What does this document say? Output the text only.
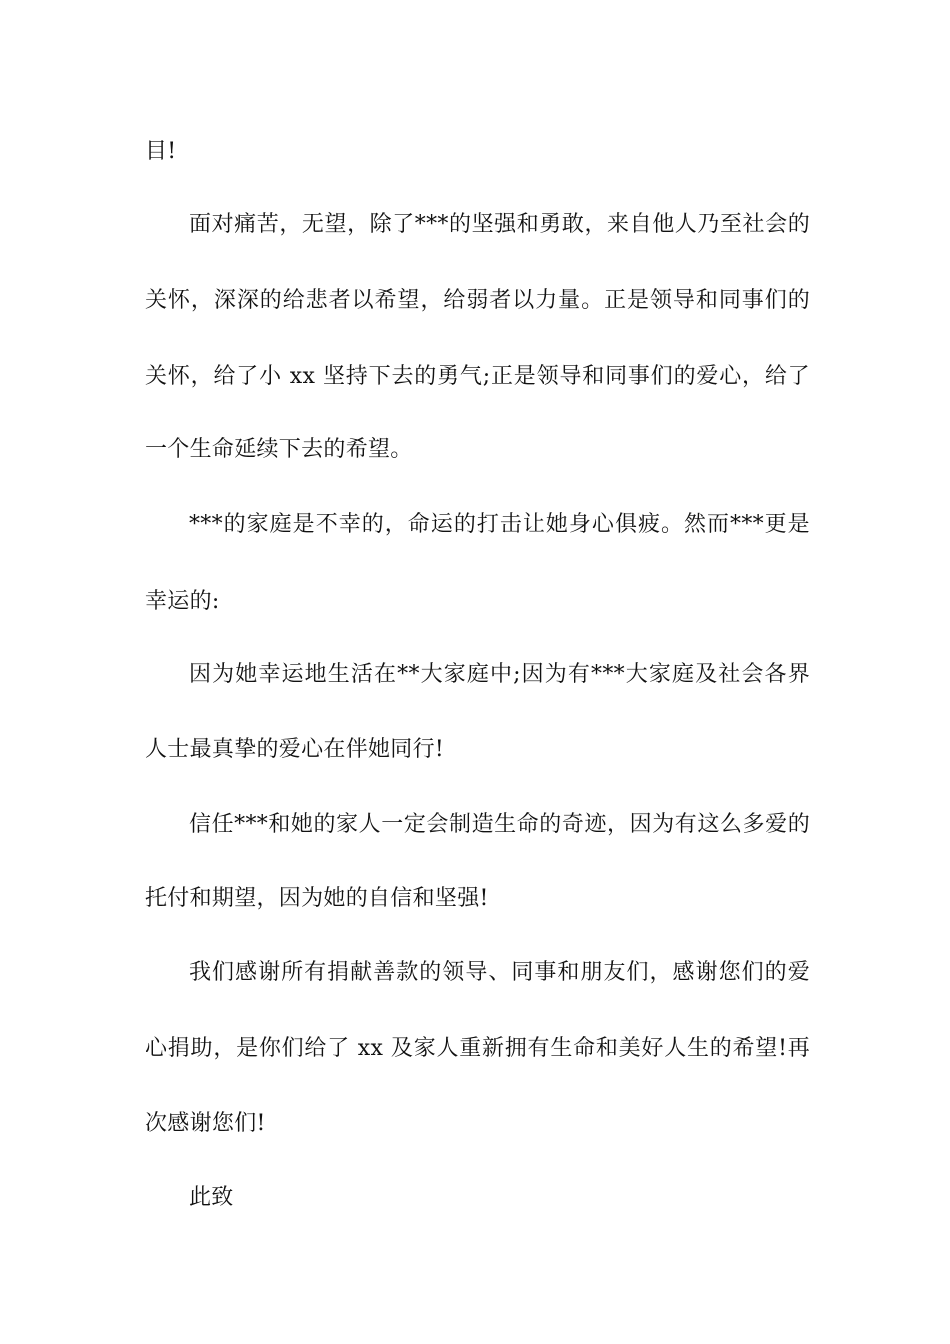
目!
面对痛苦，无望，除了***的坚强和勇敢，来自他人乃至社会的
关怀，深深的给悲者以希望，给弱者以力量。正是领导和同事们的
关怀，给了小 xx 坚持下去的勇气;正是领导和同事们的爱心，给了
一个生命延续下去的希望。
***的家庭是不幸的，命运的打击让她身心俱疲。然而***更是
幸运的:
因为她幸运地生活在**大家庭中;因为有***大家庭及社会各界
人士最真挚的爱心在伴她同行!
信任***和她的家人一定会制造生命的奇迹，因为有这么多爱的
托付和期望，因为她的自信和坚强!
我们感谢所有捐献善款的领导、同事和朋友们，感谢您们的爱
心捐助，是你们给了 xx 及家人重新拥有生命和美好人生的希望!再
次感谢您们!
此致
